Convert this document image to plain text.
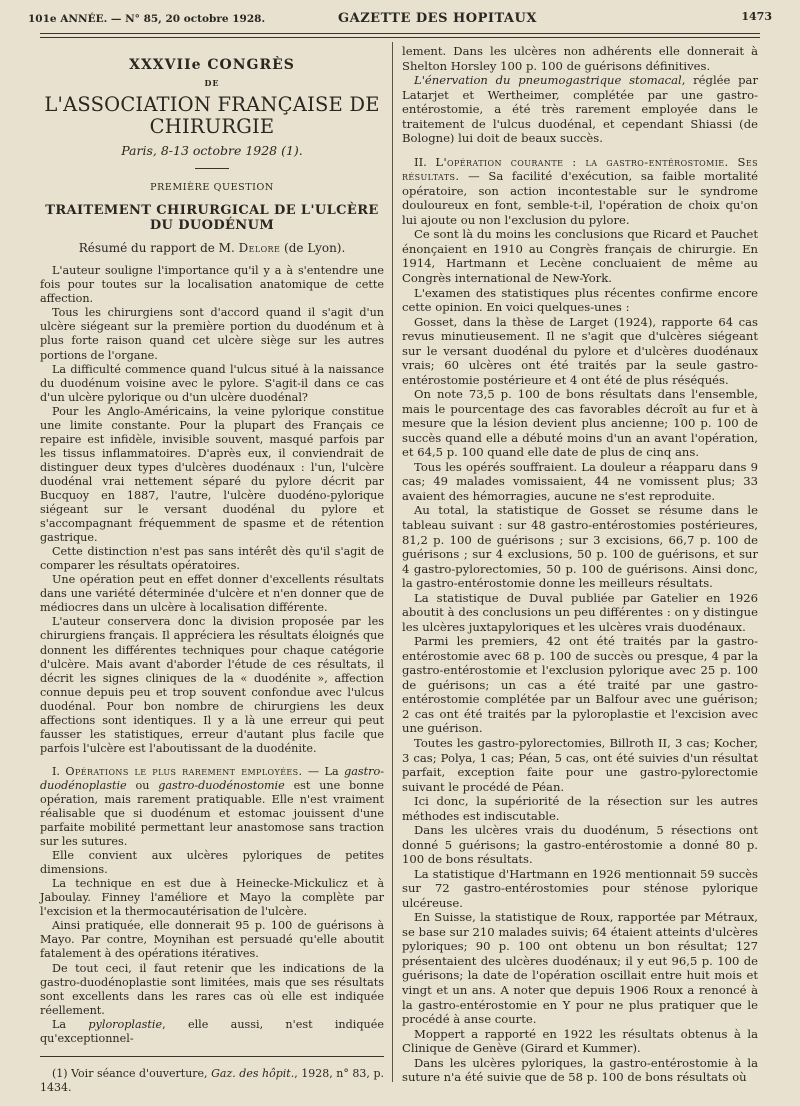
101e ANNÉE. — N° 85, 20 octobre 1928.	GAZETTE DES HOPITAUX	1473
XXXVIIe CONGRÈS
DE
L'ASSOCIATION FRANÇAISE DE CHIRURGIE
Paris, 8-13 octobre 1928 (1).
PREMIÈRE QUESTION
TRAITEMENT CHIRURGICAL DE L'ULCÈRE DU DUODÉNUM
Résumé du rapport de M. Delore (de Lyon).

L'auteur souligne l'importance qu'il y a à s'entendre une fois pour toutes sur la localisation anatomique de cette affection.

Tous les chirurgiens sont d'accord quand il s'agit d'un ulcère siégeant sur la première portion du duodénum et à plus forte raison quand cet ulcère siège sur les autres portions de l'organe.

La difficulté commence quand l'ulcus situé à la naissance du duodénum voisine avec le pylore. S'agit-il dans ce cas d'un ulcère pylorique ou d'un ulcère duodénal?

Pour les Anglo-Américains, la veine pylorique constitue une limite constante. Pour la plupart des Français ce repaire est infidèle, invisible souvent, masqué parfois par les tissus inflammatoires. D'après eux, il conviendrait de distinguer deux types d'ulcères duodénaux : l'un, l'ulcère duodénal vrai nettement séparé du pylore décrit par Bucquoy en 1887, l'autre, l'ulcère duodéno-pylorique siégeant sur le versant duodénal du pylore et s'accompagnant fréquemment de spasme et de rétention gastrique.

Cette distinction n'est pas sans intérêt dès qu'il s'agit de comparer les résultats opératoires.

Une opération peut en effet donner d'excellents résultats dans une variété déterminée d'ulcère et n'en donner que de médiocres dans un ulcère à localisation différente.

L'auteur conservera donc la division proposée par les chirurgiens français. Il appréciera les résultats éloignés que donnent les différentes techniques pour chaque catégorie d'ulcère. Mais avant d'aborder l'étude de ces résultats, il décrit les signes cliniques de la « duodénite », affection connue depuis peu et trop souvent confondue avec l'ulcus duodénal. Pour bon nombre de chirurgiens les deux affections sont identiques. Il y a là une erreur qui peut fausser les statistiques, erreur d'autant plus facile que parfois l'ulcère est l'aboutissant de la duodénite.

I. Opérations le plus rarement employées. — La gastro-duodénoplastie ou gastro-duodénostomie est une bonne opération, mais rarement pratiquable. Elle n'est vraiment réalisable que si duodénum et estomac jouissent d'une parfaite mobilité permettant leur anastomose sans traction sur les sutures.

Elle convient aux ulcères pyloriques de petites dimensions.

La technique en est due à Heinecke-Mickulicz et à Jaboulay. Finney l'améliore et Mayo la complète par l'excision et la thermocautérisation de l'ulcère.

Ainsi pratiquée, elle donnerait 95 p. 100 de guérisons à Mayo. Par contre, Moynihan est persuadé qu'elle aboutit fatalement à des opérations itératives.

De tout ceci, il faut retenir que les indications de la gastro-duodénoplastie sont limitées, mais que ses résultats sont excellents dans les rares cas où elle est indiquée réellement.

La pyloroplastie, elle aussi, n'est indiquée qu'exceptionnel-

(1) Voir séance d'ouverture, Gaz. des hôpit., 1928, n° 83, p. 1434.

lement. Dans les ulcères non adhérents elle donnerait à Shelton Horsley 100 p. 100 de guérisons définitives.

L'énervation du pneumogastrique stomacal, réglée par Latarjet et Wertheimer, complétée par une gastro-entérostomie, a été très rarement employée dans le traitement de l'ulcus duodénal, et cependant Shiassi (de Bologne) lui doit de beaux succès.

II. L'opération courante : la gastro-entérostomie. Ses résultats. — Sa facilité d'exécution, sa faible mortalité opératoire, son action incontestable sur le syndrome douloureux en font, semble-t-il, l'opération de choix qu'on lui ajoute ou non l'exclusion du pylore.

Ce sont là du moins les conclusions que Ricard et Pauchet énonçaient en 1910 au Congrès français de chirurgie. En 1914, Hartmann et Lecène concluaient de même au Congrès international de New-York.

L'examen des statistiques plus récentes confirme encore cette opinion. En voici quelques-unes :

Gosset, dans la thèse de Larget (1924), rapporte 64 cas revus minutieusement. Il ne s'agit que d'ulcères siégeant sur le versant duodénal du pylore et d'ulcères duodénaux vrais; 60 ulcères ont été traités par la seule gastro-entérostomie postérieure et 4 ont été de plus réséqués.

On note 73,5 p. 100 de bons résultats dans l'ensemble, mais le pourcentage des cas favorables décroît au fur et à mesure que la lésion devient plus ancienne; 100 p. 100 de succès quand elle a débuté moins d'un an avant l'opération, et 64,5 p. 100 quand elle date de plus de cinq ans.

Tous les opérés souffraient. La douleur a réapparu dans 9 cas; 49 malades vomissaient, 44 ne vomissent plus; 33 avaient des hémorragies, aucune ne s'est reproduite.

Au total, la statistique de Gosset se résume dans le tableau suivant : sur 48 gastro-entérostomies postérieures, 81,2 p. 100 de guérisons ; sur 3 excisions, 66,7 p. 100 de guérisons ; sur 4 exclusions, 50 p. 100 de guérisons, et sur 4 gastro-pylorectomies, 50 p. 100 de guérisons. Ainsi donc, la gastro-entérostomie donne les meilleurs résultats.

La statistique de Duval publiée par Gatelier en 1926 aboutit à des conclusions un peu différentes : on y distingue les ulcères juxtapyloriques et les ulcères vrais duodénaux.

Parmi les premiers, 42 ont été traités par la gastro-entérostomie avec 68 p. 100 de succès ou presque, 4 par la gastro-entérostomie et l'exclusion pylorique avec 25 p. 100 de guérisons; un cas a été traité par une gastro-entérostomie complétée par un Balfour avec une guérison; 2 cas ont été traités par la pyloroplastie et l'excision avec une guérison.

Toutes les gastro-pylorectomies, Billroth II, 3 cas; Kocher, 3 cas; Polya, 1 cas; Péan, 5 cas, ont été suivies d'un résultat parfait, exception faite pour une gastro-pylorectomie suivant le procédé de Péan.

Ici donc, la supériorité de la résection sur les autres méthodes est indiscutable.

Dans les ulcères vrais du duodénum, 5 résections ont donné 5 guérisons; la gastro-entérostomie a donné 80 p. 100 de bons résultats.

La statistique d'Hartmann en 1926 mentionnait 59 succès sur 72 gastro-entérostomies pour sténose pylorique ulcéreuse.

En Suisse, la statistique de Roux, rapportée par Métraux, se base sur 210 malades suivis; 64 étaient atteints d'ulcères pyloriques; 90 p. 100 ont obtenu un bon résultat; 127 présentaient des ulcères duodénaux; il y eut 96,5 p. 100 de guérisons; la date de l'opération oscillait entre huit mois et vingt et un ans. A noter que depuis 1906 Roux a renoncé à la gastro-entérostomie en Y pour ne plus pratiquer que le procédé à anse courte.

Moppert a rapporté en 1922 les résultats obtenus à la Clinique de Genève (Girard et Kummer).

Dans les ulcères pyloriques, la gastro-entérostomie à la suture n'a été suivie que de 58 p. 100 de bons résultats où
